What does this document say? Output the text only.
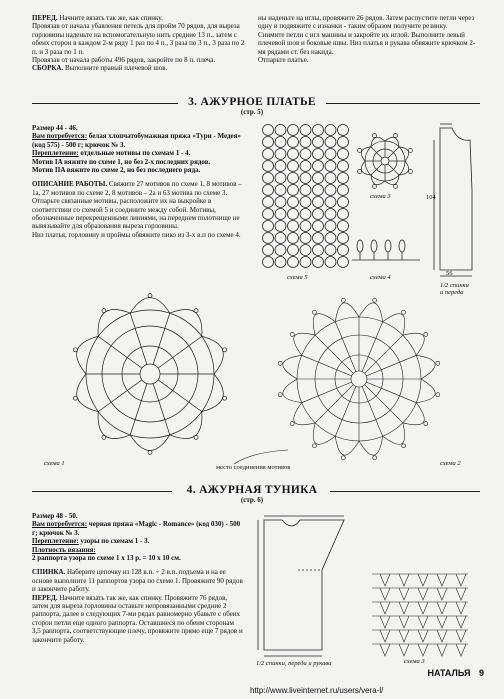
ПЕРЕД. Начните вязать так же, как спинку.

Провязав от начала убавления петель для пройм 70 рядов, для выреза горловины наденьте на вспомогательную нить средние 13 п., затем с обеих сторон в каждом 2-м ряду 1 раз по 4 п., 3 раза по 3 п., 3 раза по 2 п. и 3 раза по 1 п.

Провязав от начала работы 496 рядов, закройте по 8 п. плеча.

СБОРКА. Выполните правый плечевой шов.

ны наденьте на иглы, провяжите 26 рядов. Затем распустите петли через одну и подвяжите с изнанки - таким образом получите резинку.

Снимите петли с игл машины и закройте их иглой. Выполните левый плечевой шов и боковые швы. Низ платья и рукава обвяжите крючком 2-мя рядами ст. без накида.

Отпарьте платье.

3. АЖУРНОЕ ПЛАТЬЕ
(стр. 5)

Размер 44 - 46.

Вам потребуется: белая хлопчатобумажная пряжа «Тури - Медея» (код 575) - 500 г; крючок № 3.

Переплетение: отдельные мотивы по схемам 1 - 4.

Мотив IA вяжите по схеме 1, но без 2-х последних рядов.

Мотив IIA вяжите по схеме 2, но без последнего ряда.

ОПИСАНИЕ РАБОТЫ. Свяжите 27 мотивов по схеме 1, 8 мотивов – 1а, 27 мотивов по схеме 2, 8 мотивов – 2а и 63 мотива по схеме 3.

Отпарьте связанные мотивы, расположите их на выкройке в соответствии со схемой 5 и соедините между собой. Мотивы, обозначенные перекрещенными линиями, на переднем полотнище не вывязывайте для образования выреза горловины.

Низ платья, горловину и проймы обвяжите пико из 3-х в.п по схеме 4.

схема 5
схема 3
схема 4
104
56
1/2 спинки
и переда
схема 1	схема 2
место соединения мотивов
4. АЖУРНАЯ ТУНИКА
(стр. 6)

Размер 48 - 50.

Вам потребуется: черная пряжа «Magic - Romance» (код 030) - 500 г; крючок № 3.

Переплетение: узоры по схемам 1 - 3.

Плотность вязания:

2 раппорта узора по схеме 1 х 13 р. = 10 х 10 см.

СПИНКА. Наберите цепочку из 128 в.п. ÷ 2 в.п. подъема и на ее основе выполните 11 раппортов узора по схеме 1. Провяжите 90 рядов и закончите работу.

ПЕРЕД. Начните вязать так же, как спинку. Провяжите 76 рядов, затем для выреза горловины оставьте непровязанными средние 2 раппорта, далее в следующих 7-ми рядах равномерно убавьте с обеих сторон петли еще одного раппорта. Оставшиеся по обеим сторонам 3,5 раппорта, соответствующие плечу, провяжите прямо еще 7 рядов и закончите работу.

1/2 спинки, переда и рукава	схема 3
НАТАЛЬЯ 9
http://www.liveinternet.ru/users/vera-l/
